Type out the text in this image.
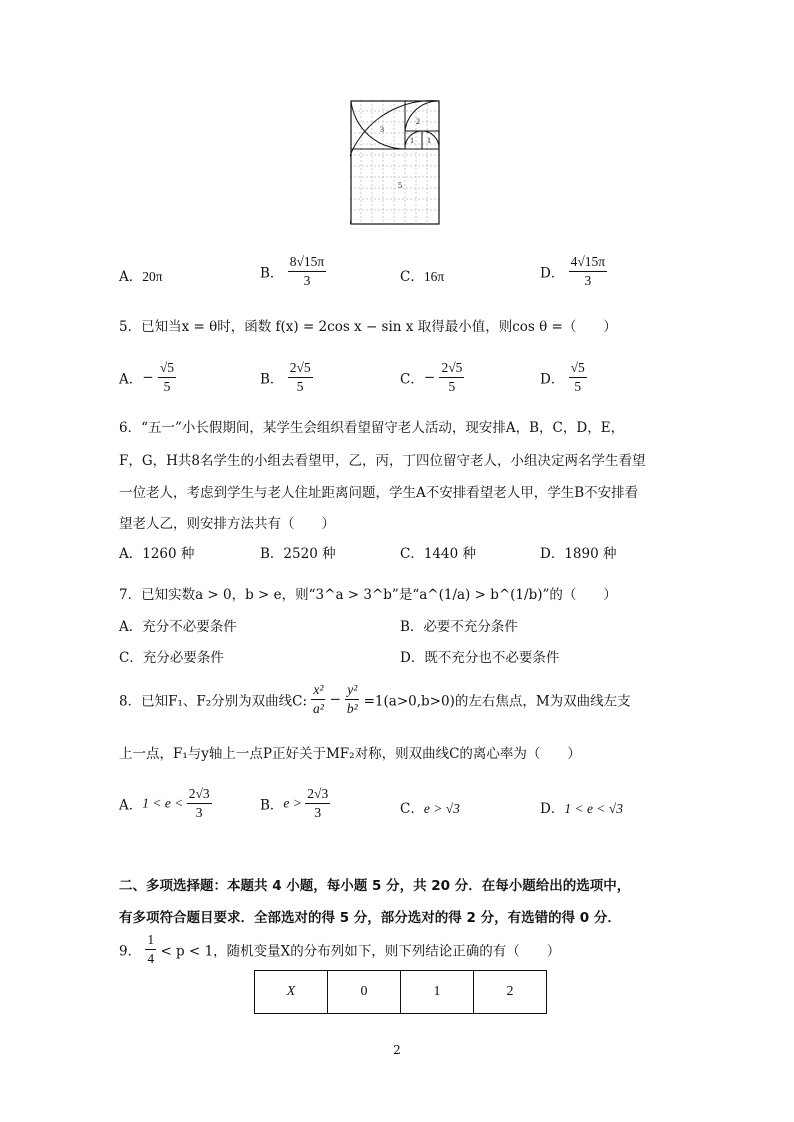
2
3
1 1
5
A．20π	B． $\frac{8√15\pi}{3}$	C．16π	D． $\frac{4√15\pi}{3}$
5．已知当x = θ时，函数 f(x) = 2cos x − sin x 取得最小值，则cos θ =（　　）
A．− $\frac{√5}{5}$	B． $\frac{2√5}{5}$	C．− $\frac{2√5}{5}$	D． $\frac{√5}{5}$
6．“五一”小长假期间，某学生会组织看望留守老人活动，现安排A，B，C，D，E，
F，G，H共8名学生的小组去看望甲，乙，丙，丁四位留守老人，小组决定两名学生看望
一位老人，考虑到学生与老人住址距离问题，学生A不安排看望老人甲，学生B不安排看
望老人乙，则安排方法共有（　　）
A．1260 种	B．2520 种	C．1440 种	D．1890 种
7．已知实数a > 0，b > e，则“3^a > 3^b”是“a^(1/a) > b^(1/b)”的（　　）
A．充分不必要条件	B．必要不充分条件
C．充分必要条件	D．既不充分也不必要条件
8．已知F₁、F₂分别为双曲线C: $\frac{\text{x²}}{\text{a²}} - \frac{\text{y²}}{\text{b²}} =1(a>0,b>0)$的左右焦点，M为双曲线左支
上一点，F₁与y轴上一点P正好关于MF₂对称，则双曲线C的离心率为（　　）
A．$1 < e < \frac{2√3}{3}$	B．$e > \frac{2√3}{3}$	C．e > √3	D．1 < e < √3
二、多项选择题：本题共 4 小题，每小题 5 分，共 20 分．在每小题给出的选项中，
有多项符合题目要求．全部选对的得 5 分，部分选对的得 2 分，有选错的得 0 分．
9． $\frac{1}{4} < p < 1$，随机变量X的分布列如下，则下列结论正确的有（　　）
X	0	1	2
2
